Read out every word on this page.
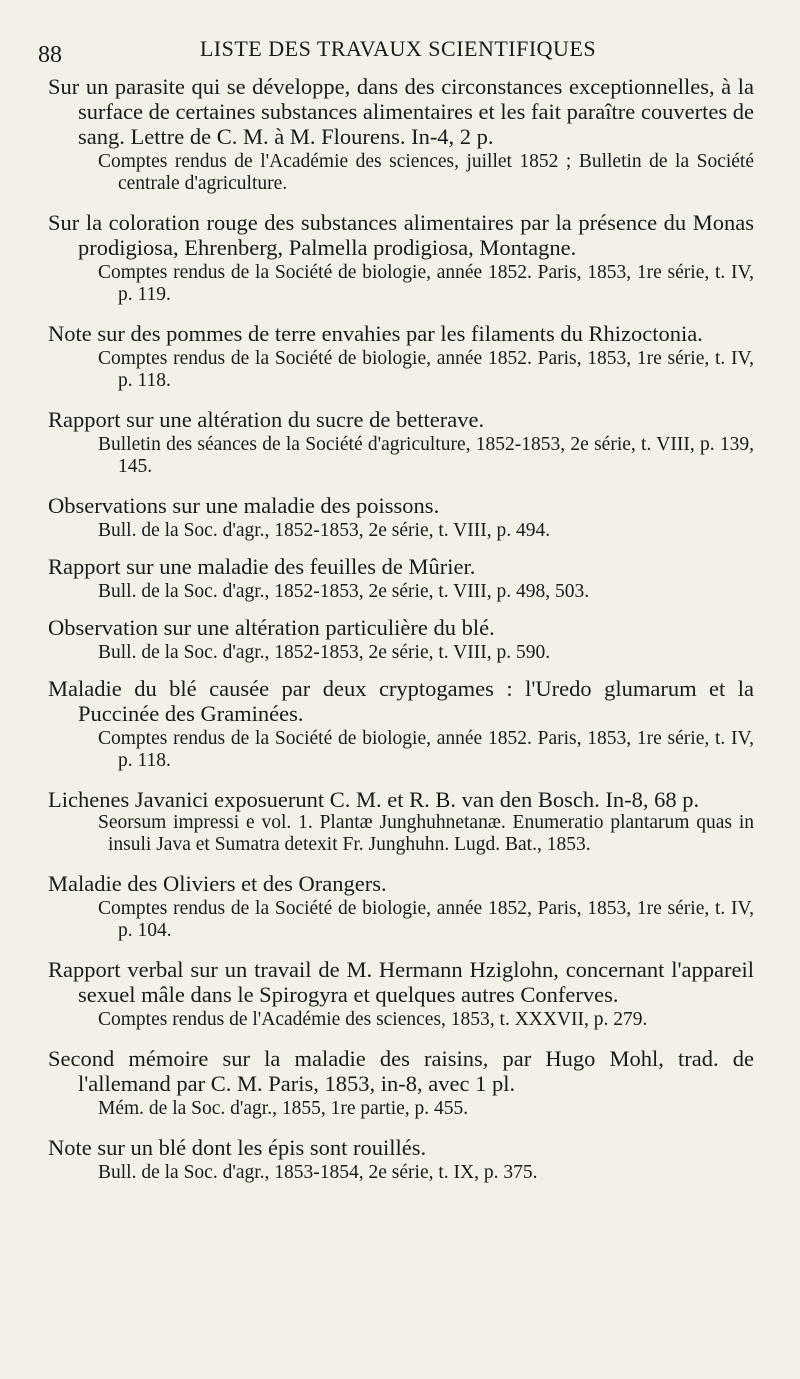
88	LISTE DES TRAVAUX SCIENTIFIQUES
Sur un parasite qui se développe, dans des circonstances exceptionnelles, à la surface de certaines substances alimentaires et les fait paraître couvertes de sang. Lettre de C. M. à M. Flourens. In-4, 2 p.
Comptes rendus de l'Académie des sciences, juillet 1852 ; Bulletin de la Société centrale d'agriculture.
Sur la coloration rouge des substances alimentaires par la présence du Monas prodigiosa, Ehrenberg, Palmella prodigiosa, Montagne.
Comptes rendus de la Société de biologie, année 1852. Paris, 1853, 1re série, t. IV, p. 119.
Note sur des pommes de terre envahies par les filaments du Rhizoctonia.
Comptes rendus de la Société de biologie, année 1852. Paris, 1853, 1re série, t. IV, p. 118.
Rapport sur une altération du sucre de betterave.
Bulletin des séances de la Société d'agriculture, 1852-1853, 2e série, t. VIII, p. 139, 145.
Observations sur une maladie des poissons.
Bull. de la Soc. d'agr., 1852-1853, 2e série, t. VIII, p. 494.
Rapport sur une maladie des feuilles de Mûrier.
Bull. de la Soc. d'agr., 1852-1853, 2e série, t. VIII, p. 498, 503.
Observation sur une altération particulière du blé.
Bull. de la Soc. d'agr., 1852-1853, 2e série, t. VIII, p. 590.
Maladie du blé causée par deux cryptogames : l'Uredo glumarum et la Puccinée des Graminées.
Comptes rendus de la Société de biologie, année 1852. Paris, 1853, 1re série, t. IV, p. 118.
Lichenes Javanici exposuerunt C. M. et R. B. van den Bosch. In-8, 68 p.
Seorsum impressi e vol. 1. Plantæ Junghuhnetanæ. Enumeratio plantarum quas in insuli Java et Sumatra detexit Fr. Junghuhn. Lugd. Bat., 1853.
Maladie des Oliviers et des Orangers.
Comptes rendus de la Société de biologie, année 1852, Paris, 1853, 1re série, t. IV, p. 104.
Rapport verbal sur un travail de M. Hermann Hziglohn, concernant l'appareil sexuel mâle dans le Spirogyra et quelques autres Conferves.
Comptes rendus de l'Académie des sciences, 1853, t. XXXVII, p. 279.
Second mémoire sur la maladie des raisins, par Hugo Mohl, trad. de l'allemand par C. M. Paris, 1853, in-8, avec 1 pl.
Mém. de la Soc. d'agr., 1855, 1re partie, p. 455.
Note sur un blé dont les épis sont rouillés.
Bull. de la Soc. d'agr., 1853-1854, 2e série, t. IX, p. 375.
